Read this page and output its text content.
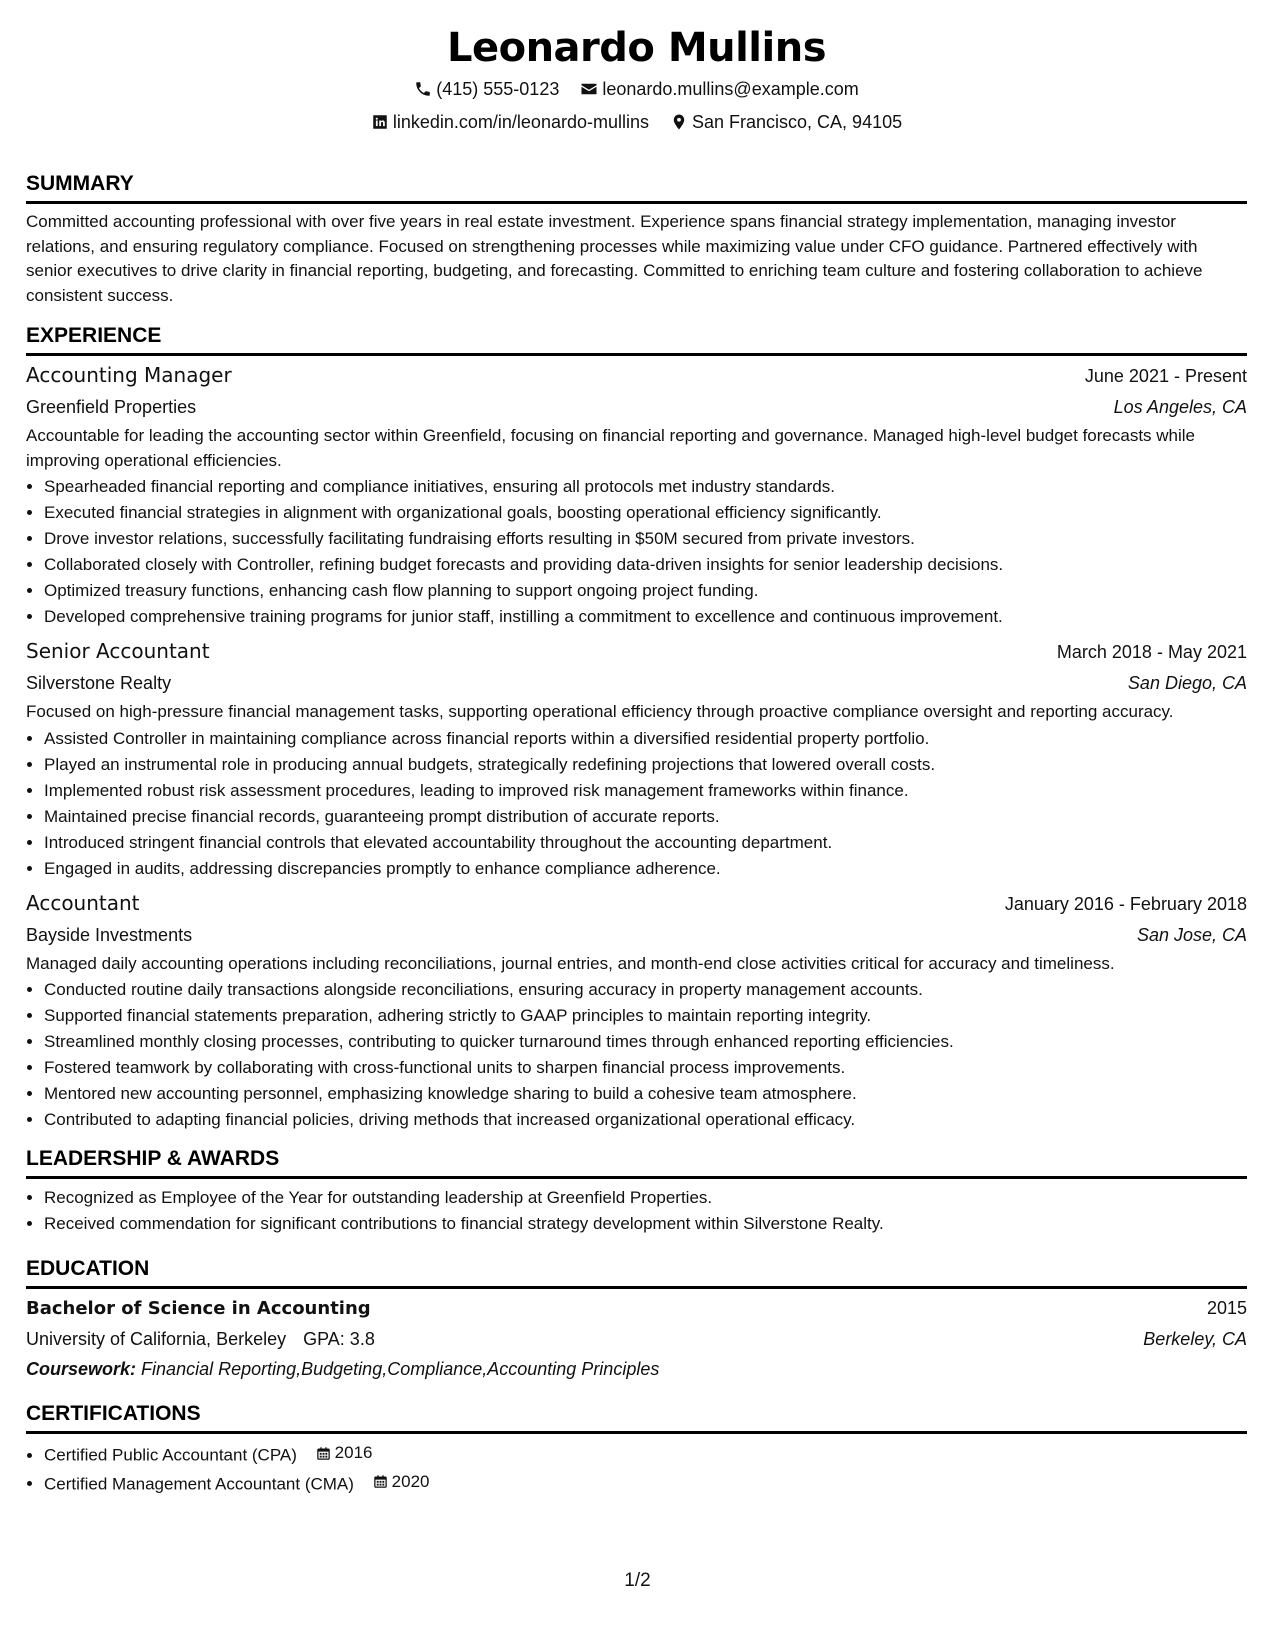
Leonardo Mullins
(415) 555-0123
leonardo.mullins@example.com
linkedin.com/in/leonardo-mullins
San Francisco, CA, 94105
SUMMARY

Committed accounting professional with over five years in real estate investment. Experience spans financial strategy implementation, managing investor relations, and ensuring regulatory compliance. Focused on strengthening processes while maximizing value under CFO guidance. Partnered effectively with senior executives to drive clarity in financial reporting, budgeting, and forecasting. Committed to enriching team culture and fostering collaboration to achieve consistent success.

EXPERIENCE
Accounting Manager	June 2021 - Present
Greenfield Properties	Los Angeles, CA

Accountable for leading the accounting sector within Greenfield, focusing on financial reporting and governance. Managed high-level budget forecasts while improving operational efficiencies.

• Spearheaded financial reporting and compliance initiatives, ensuring all protocols met industry standards.
• Executed financial strategies in alignment with organizational goals, boosting operational efficiency significantly.
• Drove investor relations, successfully facilitating fundraising efforts resulting in $50M secured from private investors.
• Collaborated closely with Controller, refining budget forecasts and providing data-driven insights for senior leadership decisions.
• Optimized treasury functions, enhancing cash flow planning to support ongoing project funding.
• Developed comprehensive training programs for junior staff, instilling a commitment to excellence and continuous improvement.
Senior Accountant	March 2018 - May 2021
Silverstone Realty	San Diego, CA

Focused on high-pressure financial management tasks, supporting operational efficiency through proactive compliance oversight and reporting accuracy.

• Assisted Controller in maintaining compliance across financial reports within a diversified residential property portfolio.
• Played an instrumental role in producing annual budgets, strategically redefining projections that lowered overall costs.
• Implemented robust risk assessment procedures, leading to improved risk management frameworks within finance.
• Maintained precise financial records, guaranteeing prompt distribution of accurate reports.
• Introduced stringent financial controls that elevated accountability throughout the accounting department.
• Engaged in audits, addressing discrepancies promptly to enhance compliance adherence.
Accountant	January 2016 - February 2018
Bayside Investments	San Jose, CA

Managed daily accounting operations including reconciliations, journal entries, and month-end close activities critical for accuracy and timeliness.

• Conducted routine daily transactions alongside reconciliations, ensuring accuracy in property management accounts.
• Supported financial statements preparation, adhering strictly to GAAP principles to maintain reporting integrity.
• Streamlined monthly closing processes, contributing to quicker turnaround times through enhanced reporting efficiencies.
• Fostered teamwork by collaborating with cross-functional units to sharpen financial process improvements.
• Mentored new accounting personnel, emphasizing knowledge sharing to build a cohesive team atmosphere.
• Contributed to adapting financial policies, driving methods that increased organizational operational efficacy.
LEADERSHIP & AWARDS
• Recognized as Employee of the Year for outstanding leadership at Greenfield Properties.
• Received commendation for significant contributions to financial strategy development within Silverstone Realty.
EDUCATION
Bachelor of Science in Accounting	2015
University of California, Berkeley GPA: 3.8	Berkeley, CA
Coursework: Financial Reporting,Budgeting,Compliance,Accounting Principles
CERTIFICATIONS
• Certified Public Accountant (CPA) 2016
• Certified Management Accountant (CMA) 2020
1/2
